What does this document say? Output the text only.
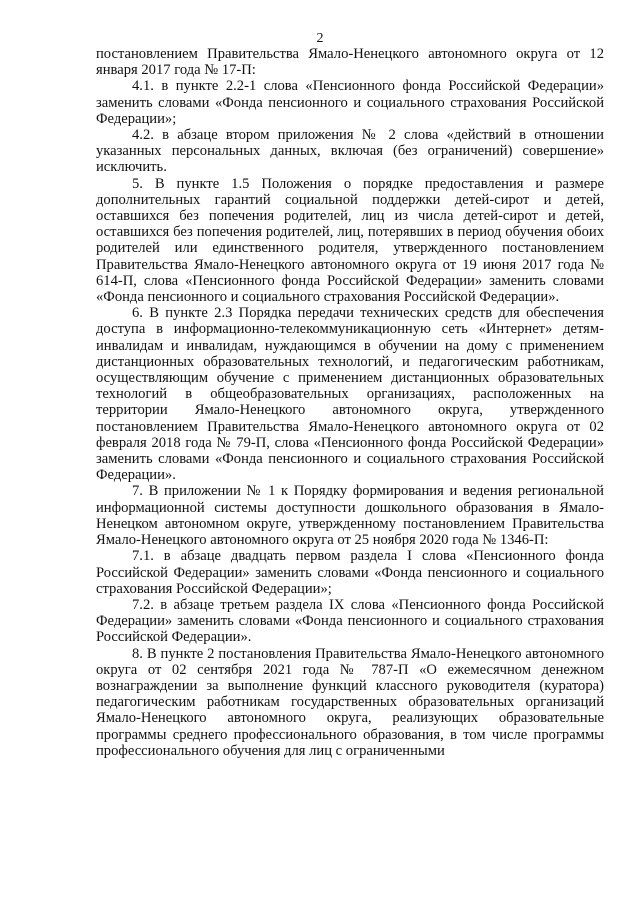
2

постановлением Правительства Ямало-Ненецкого автономного округа от 12 января 2017 года № 17-П:

4.1. в пункте 2.2-1 слова «Пенсионного фонда Российской Федерации» заменить словами «Фонда пенсионного и социального страхования Российской Федерации»;

4.2. в абзаце втором приложения № 2 слова «действий в отношении указанных персональных данных, включая (без ограничений) совершение» исключить.

5. В пункте 1.5 Положения о порядке предоставления и размере дополнительных гарантий социальной поддержки детей-сирот и детей, оставшихся без попечения родителей, лиц из числа детей-сирот и детей, оставшихся без попечения родителей, лиц, потерявших в период обучения обоих родителей или единственного родителя, утвержденного постановлением Правительства Ямало-Ненецкого автономного округа от 19 июня 2017 года № 614-П, слова «Пенсионного фонда Российской Федерации» заменить словами «Фонда пенсионного и социального страхования Российской Федерации».

6. В пункте 2.3 Порядка передачи технических средств для обеспечения доступа в информационно-телекоммуникационную сеть «Интернет» детям-инвалидам и инвалидам, нуждающимся в обучении на дому с применением дистанционных образовательных технологий, и педагогическим работникам, осуществляющим обучение с применением дистанционных образовательных технологий в общеобразовательных организациях, расположенных на территории Ямало-Ненецкого автономного округа, утвержденного постановлением Правительства Ямало-Ненецкого автономного округа от 02 февраля 2018 года № 79-П, слова «Пенсионного фонда Российской Федерации» заменить словами «Фонда пенсионного и социального страхования Российской Федерации».

7. В приложении № 1 к Порядку формирования и ведения региональной информационной системы доступности дошкольного образования в Ямало-Ненецком автономном округе, утвержденному постановлением Правительства Ямало-Ненецкого автономного округа от 25 ноября 2020 года № 1346-П:

7.1. в абзаце двадцать первом раздела I слова «Пенсионного фонда Российской Федерации» заменить словами «Фонда пенсионного и социального страхования Российской Федерации»;

7.2. в абзаце третьем раздела IX слова «Пенсионного фонда Российской Федерации» заменить словами «Фонда пенсионного и социального страхования Российской Федерации».

8. В пункте 2 постановления Правительства Ямало-Ненецкого автономного округа от 02 сентября 2021 года № 787-П «О ежемесячном денежном вознаграждении за выполнение функций классного руководителя (куратора) педагогическим работникам государственных образовательных организаций Ямало-Ненецкого автономного округа, реализующих образовательные программы среднего профессионального образования, в том числе программы профессионального обучения для лиц с ограниченными
